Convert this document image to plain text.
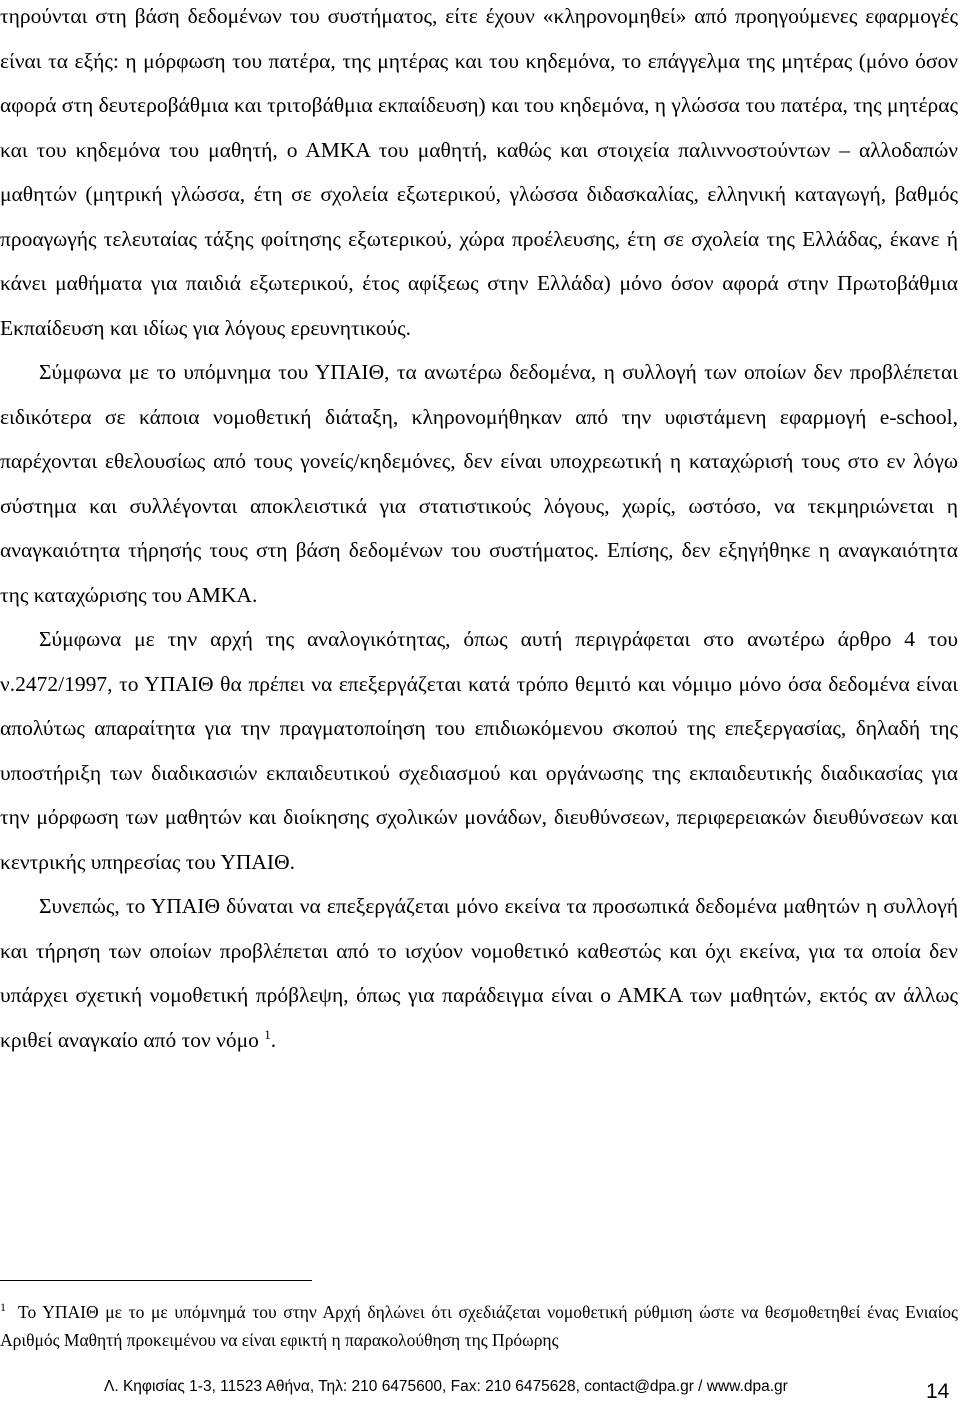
τηρούνται στη βάση δεδομένων του συστήματος, είτε έχουν «κληρονομηθεί» από προηγούμενες εφαρμογές είναι τα εξής: η μόρφωση του πατέρα, της μητέρας και του κηδεμόνα, το επάγγελμα της μητέρας (μόνο όσον αφορά στη δευτεροβάθμια και τριτοβάθμια εκπαίδευση) και του κηδεμόνα, η γλώσσα του πατέρα, της μητέρας και του κηδεμόνα του μαθητή, ο ΑΜΚΑ του μαθητή, καθώς και στοιχεία παλιννοστούντων – αλλοδαπών μαθητών (μητρική γλώσσα, έτη σε σχολεία εξωτερικού, γλώσσα διδασκαλίας, ελληνική καταγωγή, βαθμός προαγωγής τελευταίας τάξης φοίτησης εξωτερικού, χώρα προέλευσης, έτη σε σχολεία της Ελλάδας, έκανε ή κάνει μαθήματα για παιδιά εξωτερικού, έτος αφίξεως στην Ελλάδα) μόνο όσον αφορά στην Πρωτοβάθμια Εκπαίδευση και ιδίως για λόγους ερευνητικούς.

Σύμφωνα με το υπόμνημα του ΥΠΑΙΘ, τα ανωτέρω δεδομένα, η συλλογή των οποίων δεν προβλέπεται ειδικότερα σε κάποια νομοθετική διάταξη, κληρονομήθηκαν από την υφιστάμενη εφαρμογή e-school, παρέχονται εθελουσίως από τους γονείς/κηδεμόνες, δεν είναι υποχρεωτική η καταχώρισή τους στο εν λόγω σύστημα και συλλέγονται αποκλειστικά για στατιστικούς λόγους, χωρίς, ωστόσο, να τεκμηριώνεται η αναγκαιότητα τήρησής τους στη βάση δεδομένων του συστήματος. Επίσης, δεν εξηγήθηκε η αναγκαιότητα της καταχώρισης του ΑΜΚΑ.

Σύμφωνα με την αρχή της αναλογικότητας, όπως αυτή περιγράφεται στο ανωτέρω άρθρο 4 του ν.2472/1997, το ΥΠΑΙΘ θα πρέπει να επεξεργάζεται κατά τρόπο θεμιτό και νόμιμο μόνο όσα δεδομένα είναι απολύτως απαραίτητα για την πραγματοποίηση του επιδιωκόμενου σκοπού της επεξεργασίας, δηλαδή της υποστήριξη των διαδικασιών εκπαιδευτικού σχεδιασμού και οργάνωσης της εκπαιδευτικής διαδικασίας για την μόρφωση των μαθητών και διοίκησης σχολικών μονάδων, διευθύνσεων, περιφερειακών διευθύνσεων και κεντρικής υπηρεσίας του ΥΠΑΙΘ.

Συνεπώς, το ΥΠΑΙΘ δύναται να επεξεργάζεται μόνο εκείνα τα προσωπικά δεδομένα μαθητών η συλλογή και τήρηση των οποίων προβλέπεται από το ισχύον νομοθετικό καθεστώς και όχι εκείνα, για τα οποία δεν υπάρχει σχετική νομοθετική πρόβλεψη, όπως για παράδειγμα είναι ο ΑΜΚΑ των μαθητών, εκτός αν άλλως κριθεί αναγκαίο από τον νόμο $^1$.

$^1$ Το ΥΠΑΙΘ με το με υπόμνημά του στην Αρχή δηλώνει ότι σχεδιάζεται νομοθετική ρύθμιση ώστε να θεσμοθετηθεί ένας Ενιαίος Αριθμός Μαθητή προκειμένου να είναι εφικτή η παρακολούθηση της Πρόωρης

Λ. Κηφισίας 1-3, 11523 Αθήνα, Τηλ: 210 6475600, Fax: 210 6475628, contact@dpa.gr / www.dpa.gr	14
